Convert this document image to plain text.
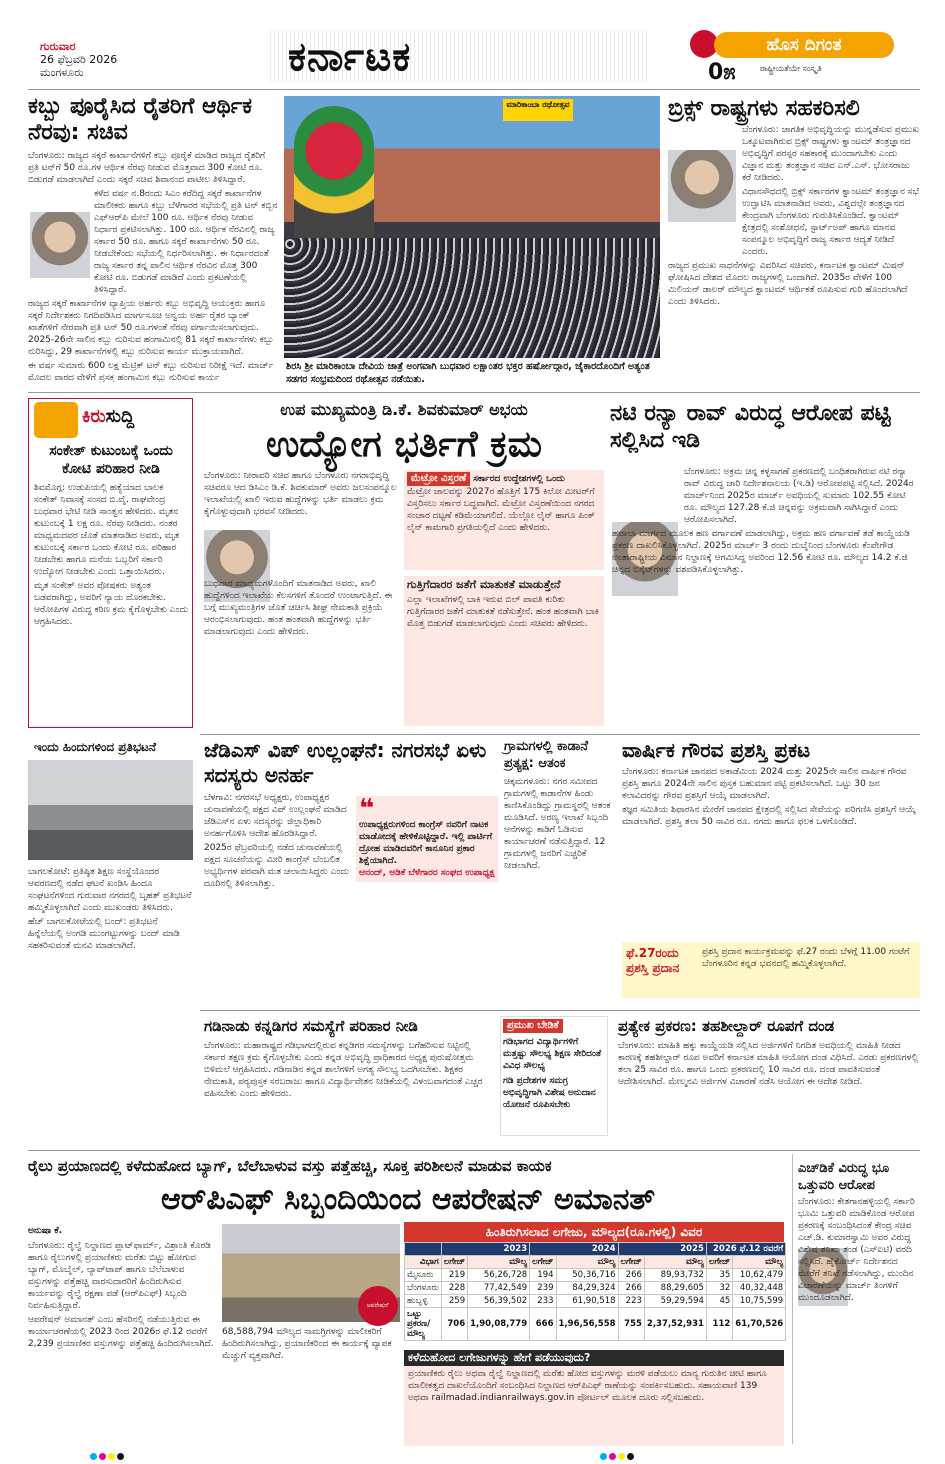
ಗುರುವಾರ
26 ಫೆಬ್ರವರಿ 2026
ಮಂಗಳೂರು	ಕರ್ನಾಟಕ	ಹೊಸ ದಿಗಂತ
0೫	ರಾಷ್ಟ್ರೀಯತೆಯೇ ಸಂಸ್ಕೃತಿ
ಕಬ್ಬು ಪೂರೈಸಿದ ರೈತರಿಗೆ ಆರ್ಥಿಕ ನೆರವು: ಸಚಿವ

ಬೆಂಗಳೂರು: ರಾಜ್ಯದ ಸಕ್ಕರೆ ಕಾರ್ಖಾನೆಗಳಿಗೆ ಕಬ್ಬು ಪೂರೈಕೆ ಮಾಡಿದ ರಾಜ್ಯದ ರೈತರಿಗೆ ಪ್ರತಿ ಟನ್‌ಗೆ 50 ರೂ.ಗಳ ಆರ್ಥಿಕ ನೆರವು ನೀಡುವ ಮೊತ್ತವಾದ 300 ಕೋಟಿ ರೂ. ಬಿಡುಗಡೆ ಮಾಡಲಾಗಿದೆ ಎಂದು ಸಕ್ಕರೆ ಸಚಿವ ಶಿವಾನಂದ ಪಾಟೀಲ ತಿಳಿಸಿದ್ದಾರೆ.

ಕಳೆದ ವರ್ಷ ನ.8ರಂದು ಸಿಎಂ ಕರೆದಿದ್ದ ಸಕ್ಕರೆ ಕಾರ್ಖಾನೆಗಳ ಮಾಲೀಕರು ಹಾಗೂ ಕಬ್ಬು ಬೆಳೆಗಾರರ ಸಭೆಯಲ್ಲಿ ಪ್ರತಿ ಟನ್ ಕಬ್ಬಿನ ಎಫ್‌ಆರ್‌ಪಿ ಮೇಲೆ 100 ರೂ. ಆರ್ಥಿಕ ನೆರವು ನೀಡುವ ನಿರ್ಧಾರ ಪ್ರಕಟಿಸಲಾಗಿತ್ತು. 100 ರೂ. ಆರ್ಥಿಕ ನೆರವಿನಲ್ಲಿ ರಾಜ್ಯ ಸರ್ಕಾರ 50 ರೂ. ಹಾಗೂ ಸಕ್ಕರೆ ಕಾರ್ಖಾನೆಗಳು 50 ರೂ. ನೀಡಬೇಕೆಂದು ಸಭೆಯಲ್ಲಿ ನಿರ್ಧರಿಸಲಾಗಿತ್ತು. ಈ ನಿರ್ಧಾರದಂತೆ ರಾಜ್ಯ ಸರ್ಕಾರ ತನ್ನ ಪಾಲಿನ ಆರ್ಥಿಕ ನೆರವಿನ ಮೊತ್ತ 300 ಕೋಟಿ ರೂ. ಬಿಡುಗಡೆ ಮಾಡಿದೆ ಎಂದು ಪ್ರಕಟಣೆಯಲ್ಲಿ ತಿಳಿಸಿದ್ದಾರೆ.

ರಾಜ್ಯದ ಸಕ್ಕರೆ ಕಾರ್ಖಾನೆಗಳ ವ್ಯಾಪ್ತಿಯ ಅರ್ಹರು ಕಬ್ಬು ಅಭಿವೃದ್ಧಿ ಆಯುಕ್ತರು ಹಾಗೂ ಸಕ್ಕರೆ ನಿರ್ದೇಶಕರು ನಿಗದಿಪಡಿಸಿದ ಮಾರ್ಗಸೂಚಿ ಅನ್ವಯ ಅರ್ಹ ರೈತರ ಬ್ಯಾಂಕ್ ಖಾತೆಗಳಿಗೆ ನೇರವಾಗಿ ಪ್ರತಿ ಟನ್ 50 ರೂ.ಗಳಂತೆ ನೆರವು ವರ್ಗಾಯಿಸಲಾಗುವುದು. 2025-26ನೇ ಸಾಲಿನ ಕಬ್ಬು ನುರಿಸುವ ಹಂಗಾಮಿನಲ್ಲಿ 81 ಸಕ್ಕರೆ ಕಾರ್ಖಾನೆಗಳು ಕಬ್ಬು ನುರಿಸಿದ್ದು, 29 ಕಾರ್ಖಾನೆಗಳಲ್ಲಿ ಕಬ್ಬು ನುರಿಸುವ ಕಾರ್ಯ ಮುಕ್ತಾಯವಾಗಿದೆ.

ಈ ವರ್ಷ ಸುಮಾರು 600 ಲಕ್ಷ ಮೆಟ್ರಿಕ್ ಟನ್ ಕಬ್ಬು ನುರಿಸುವ ನಿರೀಕ್ಷೆ ಇದೆ. ಮಾರ್ಚ್ ಮೊದಲ ವಾರದ ವೇಳೆಗೆ ಪ್ರಸಕ್ತ ಹಂಗಾಮಿನ ಕಬ್ಬು ನುರಿಸುವ ಕಾರ್ಯ

ಮಾರಿಕಾಂಬಾ ರಥೋತ್ಸವ
ಶಿರಸಿ ಶ್ರೀ ಮಾರಿಕಾಂಬಾ ದೇವಿಯ ಜಾತ್ರೆ ಅಂಗವಾಗಿ ಬುಧವಾರ ಲಕ್ಷಾಂತರ ಭಕ್ತರ ಹರ್ಷೋದ್ಗಾರ, ಜೈಕಾರದೊಂದಿಗೆ ಅತ್ಯಂತ ಸಡಗರ ಸಂಭ್ರಮದಿಂದ ರಥೋತ್ಸವ ನಡೆಯಿತು.
ಬ್ರಿಕ್ಸ್ ರಾಷ್ಟ್ರಗಳು ಸಹಕರಿಸಲಿ

ಬೆಂಗಳೂರು: ಜಾಗತಿಕ ಅಭಿವೃದ್ಧಿಯನ್ನು ಮುನ್ನಡೆಸುವ ಪ್ರಮುಖ ಒಕ್ಕೂಟವಾಗಿರುವ ಬ್ರಿಕ್ಸ್ ರಾಷ್ಟ್ರಗಳು ಕ್ವಾಂಟಮ್ ತಂತ್ರಜ್ಞಾನದ ಅಭಿವೃದ್ಧಿಗೆ ಪರಸ್ಪರ ಸಹಕಾರಕ್ಕೆ ಮುಂದಾಗಬೇಕು ಎಂದು ವಿಜ್ಞಾನ ಮತ್ತು ತಂತ್ರಜ್ಞಾನ ಸಚಿವ ಎನ್.ಎಸ್. ಭೋಸರಾಜು ಕರೆ ನೀಡಿದರು.

ವಿಧಾನಸೌಧದಲ್ಲಿ ಬ್ರಿಕ್ಸ್ ಸರ್ಕಾರಗಳ ಕ್ವಾಂಟಮ್ ತಂತ್ರಜ್ಞಾನ ಸಭೆ ಉದ್ಘಾಟಿಸಿ ಮಾತನಾಡಿದ ಅವರು, ವಿಶ್ವದಲ್ಲೇ ತಂತ್ರಜ್ಞಾನದ ಕೇಂದ್ರವಾಗಿ ಬೆಂಗಳೂರು ಗುರುತಿಸಿಕೊಂಡಿದೆ. ಕ್ವಾಂಟಮ್ ಕ್ಷೇತ್ರದಲ್ಲಿ ಸಂಶೋಧನೆ, ಸ್ಟಾರ್ಟ್‌ಅಪ್ ಹಾಗೂ ಮಾನವ ಸಂಪನ್ಮೂಲ ಅಭಿವೃದ್ಧಿಗೆ ರಾಜ್ಯ ಸರ್ಕಾರ ಆದ್ಯತೆ ನೀಡಿದೆ ಎಂದರು.

ರಾಜ್ಯದ ಪ್ರಮುಖ ಸಾಧನೆಗಳನ್ನು ವಿವರಿಸಿದ ಸಚಿವರು, ಕರ್ನಾಟಕ ಕ್ವಾಂಟಮ್ ಮಿಷನ್ ಘೋಷಿಸಿದ ದೇಶದ ಮೊದಲ ರಾಜ್ಯಗಳಲ್ಲಿ ಒಂದಾಗಿದೆ. 2035ರ ವೇಳೆಗೆ 100 ಮಿಲಿಯನ್ ಡಾಲರ್ ಮೌಲ್ಯದ ಕ್ವಾಂಟಮ್ ಆರ್ಥಿಕತೆ ರೂಪಿಸುವ ಗುರಿ ಹೊಂದಲಾಗಿದೆ ಎಂದು ತಿಳಿಸಿದರು.

ಕಿರುಸುದ್ದಿ
ಸಂಕೇತ್ ಕುಟುಂಬಕ್ಕೆ ಒಂದು ಕೋಟಿ ಪರಿಹಾರ ನೀಡಿ

ಶಿವಮೊಗ್ಗ: ಉಡುಪಿಯಲ್ಲಿ ಹತ್ಯೆಯಾದ ಬಾಲಕ ಸಂಕೇತ್ ನಿವಾಸಕ್ಕೆ ಸಂಸದ ಬಿ.ವೈ. ರಾಘವೇಂದ್ರ ಬುಧವಾರ ಭೇಟಿ ನೀಡಿ ಸಾಂತ್ವನ ಹೇಳಿದರು. ಮೃತನ ಕುಟುಂಬಕ್ಕೆ 1 ಲಕ್ಷ ರೂ. ನೆರವು ನೀಡಿದರು. ನಂತರ ಮಾಧ್ಯಮದವರ ಜೊತೆ ಮಾತನಾಡಿದ ಅವರು, ಮೃತ ಕುಟುಂಬಕ್ಕೆ ಸರ್ಕಾರ ಒಂದು ಕೋಟಿ ರೂ. ಪರಿಹಾರ ನೀಡಬೇಕು ಹಾಗೂ ಮನೆಯ ಒಬ್ಬರಿಗೆ ಸರ್ಕಾರಿ ಉದ್ಯೋಗ ನೀಡಬೇಕು ಎಂದು ಒತ್ತಾಯಿಸಿದರು.

ಮೃತ ಸಂಕೇತ್ ಅವರ ಪೋಷಕರು ಅತ್ಯಂತ ಬಡವರಾಗಿದ್ದು, ಅವರಿಗೆ ನ್ಯಾಯ ದೊರಕಬೇಕು. ಆರೋಪಿಗಳ ವಿರುದ್ಧ ಕಠಿಣ ಕ್ರಮ ಕೈಗೊಳ್ಳಬೇಕು ಎಂದು ಆಗ್ರಹಿಸಿದರು.

ಇಂದು ಹಿಂದುಗಳಿಂದ ಪ್ರತಿಭಟನೆ

ಬಾಗಲಕೋಟೆ: ಪ್ರತಿಷ್ಠಿತ ಶಿಕ್ಷಣ ಸಂಸ್ಥೆಯೊಂದರ ಆವರಣದಲ್ಲಿ ನಡೆದ ಘಟನೆ ಖಂಡಿಸಿ ಹಿಂದೂ ಸಂಘಟನೆಗಳಿಂದ ಗುರುವಾರ ನಗರದಲ್ಲಿ ಬೃಹತ್ ಪ್ರತಿಭಟನೆ ಹಮ್ಮಿಕೊಳ್ಳಲಾಗಿದೆ ಎಂದು ಮುಖಂಡರು ತಿಳಿಸಿದರು.

ಹೆಚ್ ಬಾಗಲಕೋಟೆಯಲ್ಲಿ ಬಂದ್: ಪ್ರತಿಭಟನೆ ಹಿನ್ನೆಲೆಯಲ್ಲಿ ಅಂಗಡಿ ಮುಂಗಟ್ಟುಗಳನ್ನು ಬಂದ್ ಮಾಡಿ ಸಹಕರಿಸುವಂತೆ ಮನವಿ ಮಾಡಲಾಗಿದೆ.

ಉಪ ಮುಖ್ಯಮಂತ್ರಿ ಡಿ.ಕೆ. ಶಿವಕುಮಾರ್ ಅಭಯ
ಉದ್ಯೋಗ ಭರ್ತಿಗೆ ಕ್ರಮ

ಬೆಂಗಳೂರು: ನೀರಾವರಿ ಸಚಿವ ಹಾಗೂ ಬೆಂಗಳೂರು ನಗರಾಭಿವೃದ್ಧಿ ಸಚಿವರೂ ಆದ ಡಿಸಿಎಂ ಡಿ.ಕೆ. ಶಿವಕುಮಾರ್ ಅವರು ಜಲಸಂಪನ್ಮೂಲ ಇಲಾಖೆಯಲ್ಲಿ ಖಾಲಿ ಇರುವ ಹುದ್ದೆಗಳನ್ನು ಭರ್ತಿ ಮಾಡಲು ಕ್ರಮ ಕೈಗೊಳ್ಳುವುದಾಗಿ ಭರವಸೆ ನೀಡಿದರು.

ಬುಧವಾರ ಮಾಧ್ಯಮಗಳೊಂದಿಗೆ ಮಾತನಾಡಿದ ಅವರು, ಖಾಲಿ ಹುದ್ದೆಗಳಿಂದ ಇಲಾಖೆಯ ಕೆಲಸಗಳಿಗೆ ತೊಂದರೆ ಉಂಟಾಗುತ್ತಿದೆ. ಈ ಬಗ್ಗೆ ಮುಖ್ಯಮಂತ್ರಿಗಳ ಜೊತೆ ಚರ್ಚಿಸಿ ಶೀಘ್ರ ನೇಮಕಾತಿ ಪ್ರಕ್ರಿಯೆ ಆರಂಭಿಸಲಾಗುವುದು. ಹಂತ ಹಂತವಾಗಿ ಹುದ್ದೆಗಳನ್ನು ಭರ್ತಿ ಮಾಡಲಾಗುವುದು ಎಂದು ಹೇಳಿದರು.

ಮೆಟ್ರೋ ವಿಸ್ತರಣೆ ಸರ್ಕಾರದ ಉದ್ದೇಶಗಳಲ್ಲಿ ಒಂದು
ಮೆಟ್ರೋ ಜಾಲವನ್ನು 2027ರ ಹೊತ್ತಿಗೆ 175 ಕಿಲೋ ಮೀಟರ್‌ಗೆ ವಿಸ್ತರಿಸಲು ಸರ್ಕಾರ ಬದ್ಧವಾಗಿದೆ. ಮೆಟ್ರೋ ವಿಸ್ತರಣೆಯಿಂದ ನಗರದ ಸಂಚಾರ ದಟ್ಟಣೆ ಕಡಿಮೆಯಾಗಲಿದೆ. ಯೆಲ್ಲೋ ಲೈನ್ ಹಾಗೂ ಪಿಂಕ್ ಲೈನ್ ಕಾಮಗಾರಿ ಪ್ರಗತಿಯಲ್ಲಿದೆ ಎಂದು ಹೇಳಿದರು.
ಗುತ್ತಿಗೆದಾರರ ಜತೆಗೆ ಮಾತುಕತೆ ಮಾಡುತ್ತೇನೆ
ಎಲ್ಲಾ ಇಲಾಖೆಗಳಲ್ಲಿ ಬಾಕಿ ಇರುವ ಬಿಲ್ ಪಾವತಿ ಕುರಿತು ಗುತ್ತಿಗೆದಾರರ ಜತೆಗೆ ಮಾತುಕತೆ ನಡೆಸುತ್ತೇನೆ. ಹಂತ ಹಂತವಾಗಿ ಬಾಕಿ ಮೊತ್ತ ಬಿಡುಗಡೆ ಮಾಡಲಾಗುವುದು ಎಂದು ಸಚಿವರು ಹೇಳಿದರು.
ನಟಿ ರನ್ಯಾ ರಾವ್ ವಿರುದ್ಧ ಆರೋಪ ಪಟ್ಟಿ ಸಲ್ಲಿಸಿದ ಇಡಿ

ಬೆಂಗಳೂರು: ಅಕ್ರಮ ಚಿನ್ನ ಕಳ್ಳಸಾಗಣೆ ಪ್ರಕರಣದಲ್ಲಿ ಬಂಧಿತರಾಗಿರುವ ನಟಿ ರನ್ಯಾ ರಾವ್ ವಿರುದ್ಧ ಜಾರಿ ನಿರ್ದೇಶನಾಲಯ (ಇ.ಡಿ) ಆರೋಪಪಟ್ಟಿ ಸಲ್ಲಿಸಿದೆ. 2024ರ ಮಾರ್ಚ್‌ನಿಂದ 2025ರ ಮಾರ್ಚ್ ಅವಧಿಯಲ್ಲಿ ಸುಮಾರು 102.55 ಕೋಟಿ ರೂ. ಮೌಲ್ಯದ 127.28 ಕೆ.ಜಿ ಚಿನ್ನವನ್ನು ಅಕ್ರಮವಾಗಿ ಸಾಗಿಸಿದ್ದಾರೆ ಎಂದು ಆರೋಪಿಸಲಾಗಿದೆ.

ಹವಾಲಾ ಮಾರ್ಗದ ಮೂಲಕ ಹಣ ವರ್ಗಾವಣೆ ಮಾಡಲಾಗಿದ್ದು, ಅಕ್ರಮ ಹಣ ವರ್ಗಾವಣೆ ತಡೆ ಕಾಯ್ದೆಯಡಿ ಪ್ರಕರಣ ದಾಖಲಿಸಿಕೊಳ್ಳಲಾಗಿದೆ. 2025ರ ಮಾರ್ಚ್ 3 ರಂದು ದುಬೈನಿಂದ ಬೆಂಗಳೂರು ಕೆಂಪೇಗೌಡ ಅಂತಾರಾಷ್ಟ್ರೀಯ ವಿಮಾನ ನಿಲ್ದಾಣಕ್ಕೆ ಆಗಮಿಸಿದ್ದ ಅವರಿಂದ 12.56 ಕೋಟಿ ರೂ. ಮೌಲ್ಯದ 14.2 ಕೆ.ಜಿ ಚಿನ್ನದ ಬಿಸ್ಕೆಟ್‌ಗಳನ್ನು ವಶಪಡಿಸಿಕೊಳ್ಳಲಾಗಿತ್ತು.

ಜೆಡಿಎಸ್ ವಿಪ್ ಉಲ್ಲಂಘನೆ: ನಗರಸಭೆ ಏಳು ಸದಸ್ಯರು ಅನರ್ಹ

ಬೆಳಗಾವಿ: ನಗರಸಭೆ ಅಧ್ಯಕ್ಷರು, ಉಪಾಧ್ಯಕ್ಷರ ಚುನಾವಣೆಯಲ್ಲಿ ಪಕ್ಷದ ವಿಪ್ ಉಲ್ಲಂಘನೆ ಮಾಡಿದ ಜೆಡಿಎಸ್‌ನ ಏಳು ಸದಸ್ಯರನ್ನು ಜಿಲ್ಲಾಧಿಕಾರಿ ಅನರ್ಹಗೊಳಿಸಿ ಆದೇಶ ಹೊರಡಿಸಿದ್ದಾರೆ.

2025ರ ಫೆಬ್ರವರಿಯಲ್ಲಿ ನಡೆದ ಚುನಾವಣೆಯಲ್ಲಿ ಪಕ್ಷದ ಸೂಚನೆಯನ್ನು ಮೀರಿ ಕಾಂಗ್ರೆಸ್ ಬೆಂಬಲಿತ ಅಭ್ಯರ್ಥಿಗಳ ಪರವಾಗಿ ಮತ ಚಲಾಯಿಸಿದ್ದರು ಎಂದು ದೂರಿನಲ್ಲಿ ತಿಳಿಸಲಾಗಿತ್ತು.

❝
ಉಪಾಧ್ಯಕ್ಷರುಗಳಿಂದ ಕಾಂಗ್ರೆಸ್ ನವರಿಗೆ ನಾಟಕ ಮಾಡೋದಕ್ಕೆ ಹೇಳಿಕೊಟ್ಟಿದ್ದಾರೆ. ಇಲ್ಲಿ ಪಾರ್ಟಿಗೆ ದ್ರೋಹ ಮಾಡಿದವರಿಗೆ ಕಾನೂನಿನ ಪ್ರಕಾರ ಶಿಕ್ಷೆಯಾಗಿದೆ.
ಆನಂದ್, ಅಡಿಕೆ ಬೆಳೆಗಾರರ ಸಂಘದ ಉಪಾಧ್ಯಕ್ಷ
ಗ್ರಾಮಗಳಲ್ಲಿ ಕಾಡಾನೆ ಪ್ರತ್ಯಕ್ಷ: ಆತಂಕ
ಚಿಕ್ಕಮಗಳೂರು: ನಗರ ಸಮೀಪದ ಗ್ರಾಮಗಳಲ್ಲಿ ಕಾಡಾನೆಗಳ ಹಿಂಡು ಕಾಣಿಸಿಕೊಂಡಿದ್ದು ಗ್ರಾಮಸ್ಥರಲ್ಲಿ ಆತಂಕ ಮೂಡಿಸಿದೆ. ಅರಣ್ಯ ಇಲಾಖೆ ಸಿಬ್ಬಂದಿ ಆನೆಗಳನ್ನು ಕಾಡಿಗೆ ಓಡಿಸುವ ಕಾರ್ಯಾಚರಣೆ ನಡೆಸುತ್ತಿದ್ದಾರೆ. 12 ಗ್ರಾಮಗಳಲ್ಲಿ ಜನರಿಗೆ ಎಚ್ಚರಿಕೆ ನೀಡಲಾಗಿದೆ.
ವಾರ್ಷಿಕ ಗೌರವ ಪ್ರಶಸ್ತಿ ಪ್ರಕಟ

ಬೆಂಗಳೂರು: ಕರ್ನಾಟಕ ಜಾನಪದ ಅಕಾಡೆಮಿಯ 2024 ಮತ್ತು 2025ನೇ ಸಾಲಿನ ವಾರ್ಷಿಕ ಗೌರವ ಪ್ರಶಸ್ತಿ ಹಾಗೂ 2024ನೇ ಸಾಲಿನ ಪುಸ್ತಕ ಬಹುಮಾನ ಪಟ್ಟಿ ಪ್ರಕಟಿಸಲಾಗಿದೆ. ಒಟ್ಟು 30 ಜನ ಕಲಾವಿದರನ್ನು ಗೌರವ ಪ್ರಶಸ್ತಿಗೆ ಆಯ್ಕೆ ಮಾಡಲಾಗಿದೆ.

ತಜ್ಞರ ಸಮಿತಿಯ ಶಿಫಾರಸಿನ ಮೇರೆಗೆ ಜಾನಪದ ಕ್ಷೇತ್ರದಲ್ಲಿ ಸಲ್ಲಿಸಿದ ಸೇವೆಯನ್ನು ಪರಿಗಣಿಸಿ ಪ್ರಶಸ್ತಿಗೆ ಆಯ್ಕೆ ಮಾಡಲಾಗಿದೆ. ಪ್ರಶಸ್ತಿ ತಲಾ 50 ಸಾವಿರ ರೂ. ನಗದು ಹಾಗೂ ಫಲಕ ಒಳಗೊಂಡಿದೆ.

ಫೆ.27ರಂದು ಪ್ರಶಸ್ತಿ ಪ್ರದಾನ
ಪ್ರಶಸ್ತಿ ಪ್ರದಾನ ಕಾರ್ಯಕ್ರಮವನ್ನು ಫೆ.27 ರಂದು ಬೆಳಗ್ಗೆ 11.00 ಗಂಟೆಗೆ ಬೆಂಗಳೂರಿನ ಕನ್ನಡ ಭವನದಲ್ಲಿ ಹಮ್ಮಿಕೊಳ್ಳಲಾಗಿದೆ.
ಗಡಿನಾಡು ಕನ್ನಡಿಗರ ಸಮಸ್ಯೆಗೆ ಪರಿಹಾರ ನೀಡಿ
ಬೆಂಗಳೂರು: ಮಹಾರಾಷ್ಟ್ರದ ಗಡಿಭಾಗದಲ್ಲಿರುವ ಕನ್ನಡಿಗರ ಸಮಸ್ಯೆಗಳನ್ನು ಬಗೆಹರಿಸುವ ನಿಟ್ಟಿನಲ್ಲಿ ಸರ್ಕಾರ ತಕ್ಷಣ ಕ್ರಮ ಕೈಗೊಳ್ಳಬೇಕು ಎಂದು ಕನ್ನಡ ಅಭಿವೃದ್ಧಿ ಪ್ರಾಧಿಕಾರದ ಅಧ್ಯಕ್ಷ ಪುರುಷೋತ್ತಮ ಬಿಳಿಮಲೆ ಆಗ್ರಹಿಸಿದರು. ಗಡಿನಾಡಿನ ಕನ್ನಡ ಶಾಲೆಗಳಿಗೆ ಅಗತ್ಯ ಸೌಲಭ್ಯ ಒದಗಿಸಬೇಕು. ಶಿಕ್ಷಕರ ನೇಮಕಾತಿ, ಪಠ್ಯಪುಸ್ತಕ ಸರಬರಾಜು ಹಾಗೂ ವಿದ್ಯಾರ್ಥಿವೇತನ ನೀಡಿಕೆಯಲ್ಲಿ ವಿಳಂಬವಾಗದಂತೆ ಎಚ್ಚರ ವಹಿಸಬೇಕು ಎಂದು ಹೇಳಿದರು.
ಪ್ರಮುಖ ಬೇಡಿಕೆ
ಗಡಿಭಾಗದ ವಿದ್ಯಾರ್ಥಿಗಳಿಗೆ ಮತ್ತಷ್ಟು ಸೌಲಭ್ಯ ಶಿಕ್ಷಣ ಸೇರಿದಂತೆ ವಿವಿಧ ಸೌಲಭ್ಯ
ಗಡಿ ಪ್ರದೇಶಗಳ ಸಮಗ್ರ ಅಭಿವೃದ್ಧಿಗಾಗಿ ವಿಶೇಷ ಅನುದಾನ ಯೋಜನೆ ರೂಪಿಸಬೇಕು
ಪ್ರತ್ಯೇಕ ಪ್ರಕರಣ: ತಹಶೀಲ್ದಾರ್ ರೂಪಗೆ ದಂಡ
ಬೆಂಗಳೂರು: ಮಾಹಿತಿ ಹಕ್ಕು ಕಾಯ್ದೆಯಡಿ ಸಲ್ಲಿಸಿದ ಅರ್ಜಿಗಳಿಗೆ ನಿಗದಿತ ಅವಧಿಯಲ್ಲಿ ಮಾಹಿತಿ ನೀಡದ ಕಾರಣಕ್ಕೆ ತಹಶೀಲ್ದಾರ್ ರೂಪ ಅವರಿಗೆ ಕರ್ನಾಟಕ ಮಾಹಿತಿ ಆಯೋಗ ದಂಡ ವಿಧಿಸಿದೆ. ಎರಡು ಪ್ರಕರಣಗಳಲ್ಲಿ ತಲಾ 25 ಸಾವಿರ ರೂ. ಹಾಗೂ ಒಂದು ಪ್ರಕರಣದಲ್ಲಿ 10 ಸಾವಿರ ರೂ. ದಂಡ ಪಾವತಿಸುವಂತೆ ಆದೇಶಿಸಲಾಗಿದೆ. ಮೇಲ್ಮನವಿ ಅರ್ಜಿಗಳ ವಿಚಾರಣೆ ನಡೆಸಿ ಆಯೋಗ ಈ ಆದೇಶ ನೀಡಿದೆ.
ರೈಲು ಪ್ರಯಾಣದಲ್ಲಿ ಕಳೆದುಹೋದ ಬ್ಯಾಗ್, ಬೆಲೆಬಾಳುವ ವಸ್ತು ಪತ್ತೆಹಚ್ಚಿ, ಸೂಕ್ತ ಪರಿಶೀಲನೆ ಮಾಡುವ ಕಾಯಕ
ಆರ್‌ಪಿಎಫ್ ಸಿಬ್ಬಂದಿಯಿಂದ ಆಪರೇಷನ್ ಅಮಾನತ್
ಅನುಷಾ ಕೆ.

ಬೆಂಗಳೂರು: ರೈಲ್ವೆ ನಿಲ್ದಾಣದ ಪ್ಲಾಟ್‌ಫಾರ್ಮ್, ವಿಶ್ರಾಂತಿ ಕೊಠಡಿ ಹಾಗೂ ರೈಲುಗಳಲ್ಲಿ ಪ್ರಯಾಣಿಕರು ಮರೆತು ಬಿಟ್ಟು ಹೋಗುವ ಬ್ಯಾಗ್, ಮೊಬೈಲ್, ಲ್ಯಾಪ್‌ಟಾಪ್ ಹಾಗೂ ಬೆಲೆಬಾಳುವ ವಸ್ತುಗಳನ್ನು ಪತ್ತೆಹಚ್ಚಿ ವಾರಸುದಾರರಿಗೆ ಹಿಂದಿರುಗಿಸುವ ಕಾರ್ಯವನ್ನು ರೈಲ್ವೆ ರಕ್ಷಣಾ ಪಡೆ (ಆರ್‌ಪಿಎಫ್) ಸಿಬ್ಬಂದಿ ನಿರ್ವಹಿಸುತ್ತಿದ್ದಾರೆ.

ಆಪರೇಷನ್ ಅಮಾನತ್ ಎಂಬ ಹೆಸರಿನಲ್ಲಿ ನಡೆಯುತ್ತಿರುವ ಈ ಕಾರ್ಯಾಚರಣೆಯಲ್ಲಿ 2023 ರಿಂದ 2026ರ ಫೆ.12 ರವರೆಗೆ 2,239 ಪ್ರಯಾಣಿಕರ ವಸ್ತುಗಳನ್ನು ಪತ್ತೆಹಚ್ಚಿ ಹಿಂದಿರುಗಿಸಲಾಗಿದೆ.

ಆಪರೇಷನ್
68,588,794 ಮೌಲ್ಯದ ಸಾಮಗ್ರಿಗಳನ್ನು ಮಾಲೀಕರಿಗೆ ಹಿಂದಿರುಗಿಸಲಾಗಿದ್ದು, ಪ್ರಯಾಣಿಕರಿಂದ ಈ ಕಾರ್ಯಕ್ಕೆ ವ್ಯಾಪಕ ಮೆಚ್ಚುಗೆ ವ್ಯಕ್ತವಾಗಿದೆ.
ಹಿಂತಿರುಗಿಸಲಾದ ಲಗೇಜು, ಮೌಲ್ಯದ(ರೂ.ಗಳಲ್ಲಿ) ವಿವರ
	2023		2024		2025		2026 ಫೆ.12 ರವರೆಗೆ	
ವಿಭಾಗ	ಲಗೇಜ್	ಮೌಲ್ಯ	ಲಗೇಜ್	ಮೌಲ್ಯ	ಲಗೇಜ್	ಮೌಲ್ಯ	ಲಗೇಜ್	ಮೌಲ್ಯ
ಮೈಸೂರು	219	56,26,728	194	50,36,716	266	89,93,732	35	10,62,479
ಬೆಂಗಳೂರು	228	77,42,549	239	84,29,324	266	88,29,605	32	40,32,448
ಹುಬ್ಬಳ್ಳಿ	259	56,39,502	233	61,90,518	223	59,29,594	45	10,75,599
ಒಟ್ಟು ಪ್ರಕರಣ/ಮೌಲ್ಯ	706	1,90,08,779	666	1,96,56,558	755	2,37,52,931	112	61,70,526
ಕಳೆದುಹೋದ ಲಗೇಜುಗಳನ್ನು ಹೇಗೆ ಪಡೆಯುವುದು?
ಪ್ರಯಾಣಿಕರು ರೈಲು ಅಥವಾ ರೈಲ್ವೆ ನಿಲ್ದಾಣದಲ್ಲಿ ಮರೆತು ಹೋದ ವಸ್ತುಗಳನ್ನು ಮರಳಿ ಪಡೆಯಲು ಮಾನ್ಯ ಗುರುತಿನ ಚೀಟಿ ಹಾಗೂ ಮಾಲೀಕತ್ವದ ದಾಖಲೆಯೊಂದಿಗೆ ಸಂಬಂಧಿಸಿದ ನಿಲ್ದಾಣದ ಆರ್‌ಪಿಎಫ್ ಠಾಣೆಯನ್ನು ಸಂಪರ್ಕಿಸಬಹುದು. ಸಹಾಯವಾಣಿ 139 ಅಥವಾ railmadad.indianrailways.gov.in ಪೋರ್ಟಲ್ ಮೂಲಕ ದೂರು ಸಲ್ಲಿಸಬಹುದು.
ಎಚ್‌ಡಿಕೆ ವಿರುದ್ಧ ಭೂ ಒತ್ತುವರಿ ಆರೋಪ
ಬೆಂಗಳೂರು: ಕೇತಗಾನಹಳ್ಳಿಯಲ್ಲಿ ಸರ್ಕಾರಿ ಭೂಮಿ ಒತ್ತುವರಿ ಮಾಡಿಕೊಂಡ ಆರೋಪ ಪ್ರಕರಣಕ್ಕೆ ಸಂಬಂಧಿಸಿದಂತೆ ಕೇಂದ್ರ ಸಚಿವ ಎಚ್.ಡಿ. ಕುಮಾರಸ್ವಾಮಿ ಅವರ ವಿರುದ್ಧ ವಿಶೇಷ ತನಿಖಾ ತಂಡ (ಎಸ್‌ಐಟಿ) ವರದಿ ಸಲ್ಲಿಸಿದೆ. ಹೈಕೋರ್ಟ್ ನಿರ್ದೇಶನದ ಮೇರೆಗೆ ತನಿಖೆ ನಡೆಸಲಾಗಿದ್ದು, ಮುಂದಿನ ವಿಚಾರಣೆಯನ್ನು ಮಾರ್ಚ್ ತಿಂಗಳಿಗೆ ಮುಂದೂಡಲಾಗಿದೆ.
